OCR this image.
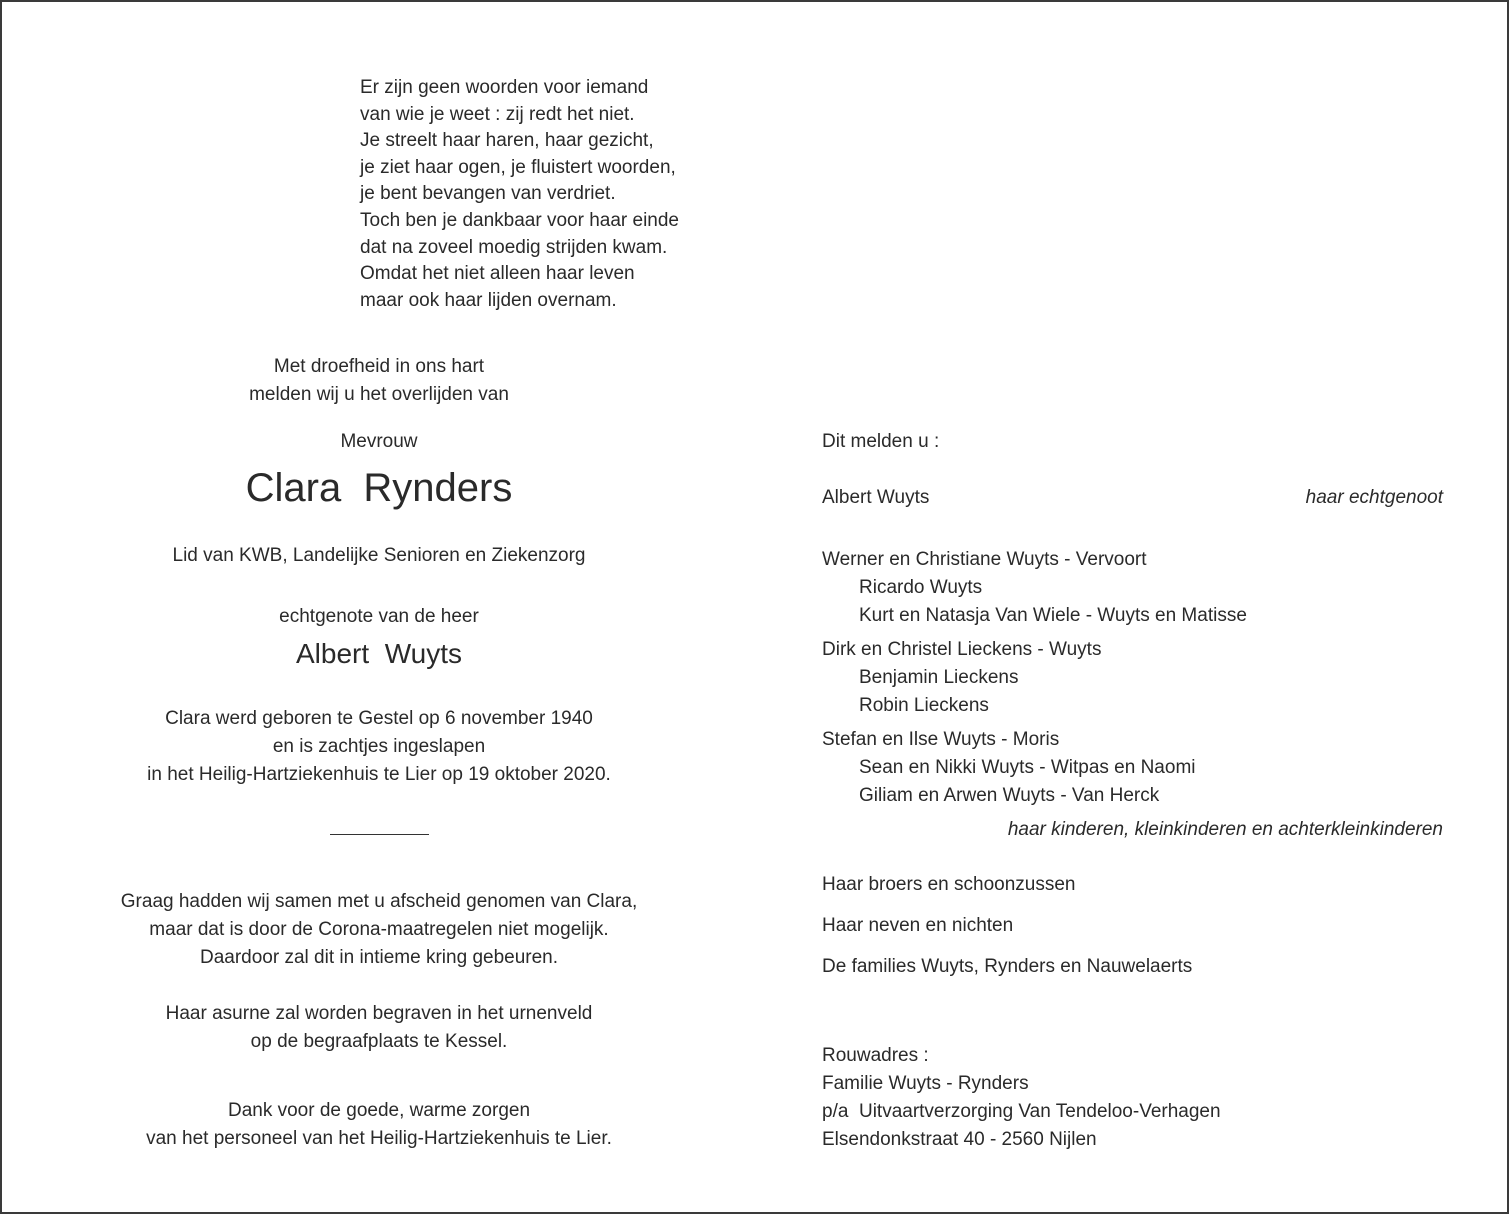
Er zijn geen woorden voor iemand
van wie je weet : zij redt het niet.
Je streelt haar haren, haar gezicht,
je ziet haar ogen, je fluistert woorden,
je bent bevangen van verdriet.
Toch ben je dankbaar voor haar einde
dat na zoveel moedig strijden kwam.
Omdat het niet alleen haar leven
maar ook haar lijden overnam.
Met droefheid in ons hart
melden wij u het overlijden van
Mevrouw
Clara  Rynders
Lid van KWB, Landelijke Senioren en Ziekenzorg
echtgenote van de heer
Albert  Wuyts
Clara werd geboren te Gestel op 6 november 1940
en is zachtjes ingeslapen
in het Heilig-Hartziekenhuis te Lier op 19 oktober 2020.
Graag hadden wij samen met u afscheid genomen van Clara,
maar dat is door de Corona-maatregelen niet mogelijk.
Daardoor zal dit in intieme kring gebeuren.
Haar asurne zal worden begraven in het urnenveld
op de begraafplaats te Kessel.
Dank voor de goede, warme zorgen
van het personeel van het Heilig-Hartziekenhuis te Lier.
Dit melden u :
Albert Wuyts	haar echtgenoot
Werner en Christiane Wuyts - Vervoort
Ricardo Wuyts
Kurt en Natasja Van Wiele - Wuyts en Matisse
Dirk en Christel Lieckens - Wuyts
Benjamin Lieckens
Robin Lieckens
Stefan en Ilse Wuyts - Moris
Sean en Nikki Wuyts - Witpas en Naomi
Giliam en Arwen Wuyts - Van Herck
haar kinderen, kleinkinderen en achterkleinkinderen
Haar broers en schoonzussen
Haar neven en nichten
De families Wuyts, Rynders en Nauwelaerts
Rouwadres :
Familie Wuyts - Rynders
p/a  Uitvaartverzorging Van Tendeloo-Verhagen
Elsendonkstraat 40 - 2560 Nijlen
